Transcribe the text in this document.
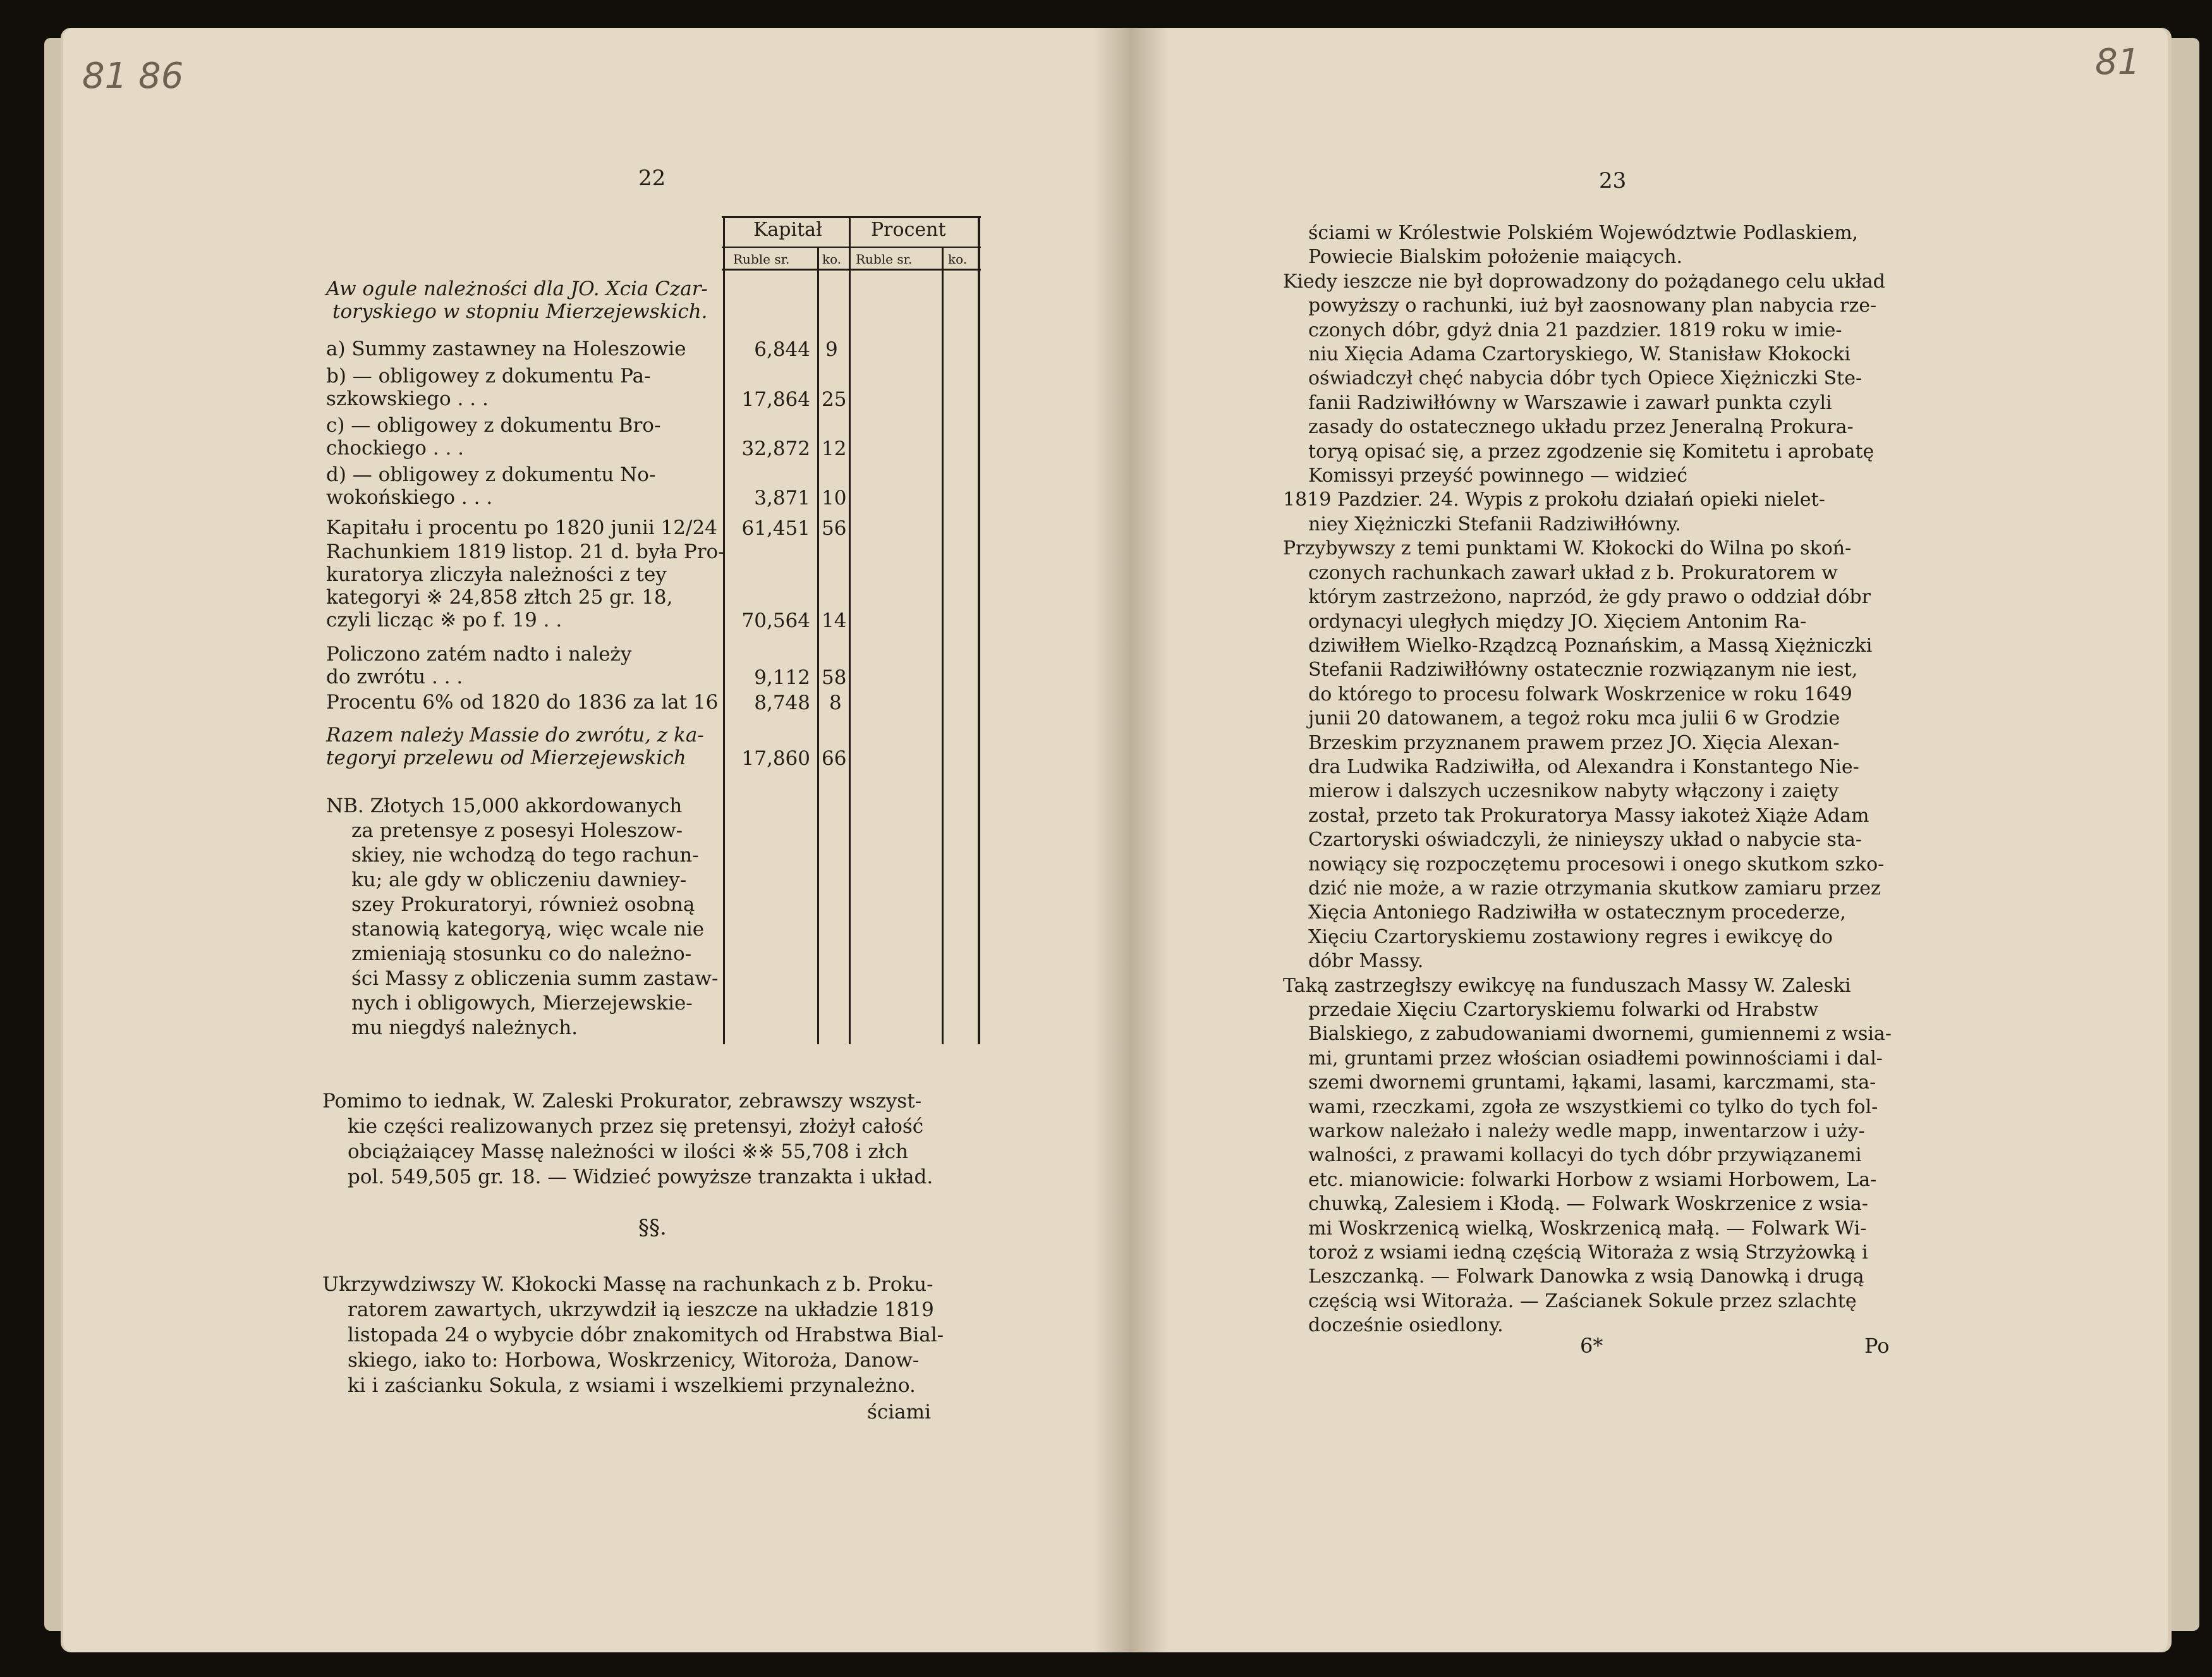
81 86	81
22
Kapitał	Procent
Ruble sr.	ko. Ruble sr.	ko.
Aw ogule należności dla JO. Xcia Czar-
toryskiego w stopniu Mierzejewskich.
a) Summy zastawney na Holeszowie	6,844 9
b) — obligowey z dokumentu Pa-
szkowskiego . . .	17,864 25
c) — obligowey z dokumentu Bro-
chockiego . . .	32,872 12
d) — obligowey z dokumentu No-
wokońskiego . . .	3,871 10
Kapitału i procentu po 1820 junii 12/24	61,451 56
Rachunkiem 1819 listop. 21 d. była Pro-
kuratorya zliczyła należności z tey
kategoryi ※ 24,858 złtch 25 gr. 18,
czyli licząc ※ po f. 19 . .	70,564 14
Policzono zatém nadto i należy
do zwrótu . . .	9,112 58
Procentu 6% od 1820 do 1836 za lat 16	8,748 8
Razem należy Massie do zwrótu, z ka-
tegoryi przelewu od Mierzejewskich	17,860 66
NB. Złotych 15,000 akkordowanych
za pretensye z posesyi Holeszow-
skiey, nie wchodzą do tego rachun-
ku; ale gdy w obliczeniu dawniey-
szey Prokuratoryi, również osobną
stanowią kategoryą, więc wcale nie
zmieniają stosunku co do należno-
ści Massy z obliczenia summ zastaw-
nych i obligowych, Mierzejewskie-
mu niegdyś należnych.
Pomimo to iednak, W. Zaleski Prokurator, zebrawszy wszyst-
kie części realizowanych przez się pretensyi, złożył całość
obciążaiącey Massę należności w ilości ※※ 55,708 i złch
pol. 549,505 gr. 18. — Widzieć powyższe tranzakta i układ.
§§.
Ukrzywdziwszy W. Kłokocki Massę na rachunkach z b. Proku-
ratorem zawartych, ukrzywdził ią ieszcze na układzie 1819
listopada 24 o wybycie dóbr znakomitych od Hrabstwa Bial-
skiego, iako to: Horbowa, Woskrzenicy, Witoroża, Danow-
ki i zaścianku Sokula, z wsiami i wszelkiemi przynależno.
ściami
23
ściami w Królestwie Polskiém Województwie Podlaskiem,
Powiecie Bialskim położenie maiących.
Kiedy ieszcze nie był doprowadzony do pożądanego celu układ
powyższy o rachunki, iuż był zaosnowany plan nabycia rze-
czonych dóbr, gdyż dnia 21 pazdzier. 1819 roku w imie-
niu Xięcia Adama Czartoryskiego, W. Stanisław Kłokocki
oświadczył chęć nabycia dóbr tych Opiece Xiężniczki Ste-
fanii Radziwiłłówny w Warszawie i zawarł punkta czyli
zasady do ostatecznego układu przez Jeneralną Prokura-
toryą opisać się, a przez zgodzenie się Komitetu i aprobatę
Komissyi przeyść powinnego — widzieć
1819 Pazdzier. 24. Wypis z prokołu działań opieki nielet-
niey Xiężniczki Stefanii Radziwiłłówny.
Przybywszy z temi punktami W. Kłokocki do Wilna po skoń-
czonych rachunkach zawarł układ z b. Prokuratorem w
którym zastrzeżono, naprzód, że gdy prawo o oddział dóbr
ordynacyi uległych między JO. Xięciem Antonim Ra-
dziwiłłem Wielko-Rządzcą Poznańskim, a Massą Xiężniczki
Stefanii Radziwiłłówny ostatecznie rozwiązanym nie iest,
do którego to procesu folwark Woskrzenice w roku 1649
junii 20 datowanem, a tegoż roku mca julii 6 w Grodzie
Brzeskim przyznanem prawem przez JO. Xięcia Alexan-
dra Ludwika Radziwiłła, od Alexandra i Konstantego Nie-
mierow i dalszych uczesnikow nabyty włączony i zaięty
został, przeto tak Prokuratorya Massy iakoteż Xiąże Adam
Czartoryski oświadczyli, że ninieyszy układ o nabycie sta-
nowiący się rozpoczętemu procesowi i onego skutkom szko-
dzić nie może, a w razie otrzymania skutkow zamiaru przez
Xięcia Antoniego Radziwiłła w ostatecznym procederze,
Xięciu Czartoryskiemu zostawiony regres i ewikcyę do
dóbr Massy.
Taką zastrzegłszy ewikcyę na funduszach Massy W. Zaleski
przedaie Xięciu Czartoryskiemu folwarki od Hrabstw
Bialskiego, z zabudowaniami dwornemi, gumiennemi z wsia-
mi, gruntami przez włościan osiadłemi powinnościami i dal-
szemi dwornemi gruntami, łąkami, lasami, karczmami, sta-
wami, rzeczkami, zgoła ze wszystkiemi co tylko do tych fol-
warkow należało i należy wedle mapp, inwentarzow i uży-
walności, z prawami kollacyi do tych dóbr przywiązanemi
etc. mianowicie: folwarki Horbow z wsiami Horbowem, La-
chuwką, Zalesiem i Kłodą. — Folwark Woskrzenice z wsia-
mi Woskrzenicą wielką, Woskrzenicą małą. — Folwark Wi-
toroż z wsiami iedną częścią Witoraża z wsią Strzyżowką i
Leszczanką. — Folwark Danowka z wsią Danowką i drugą
częścią wsi Witoraża. — Zaścianek Sokule przez szlachtę
docześnie osiedlony.
6*	Po
